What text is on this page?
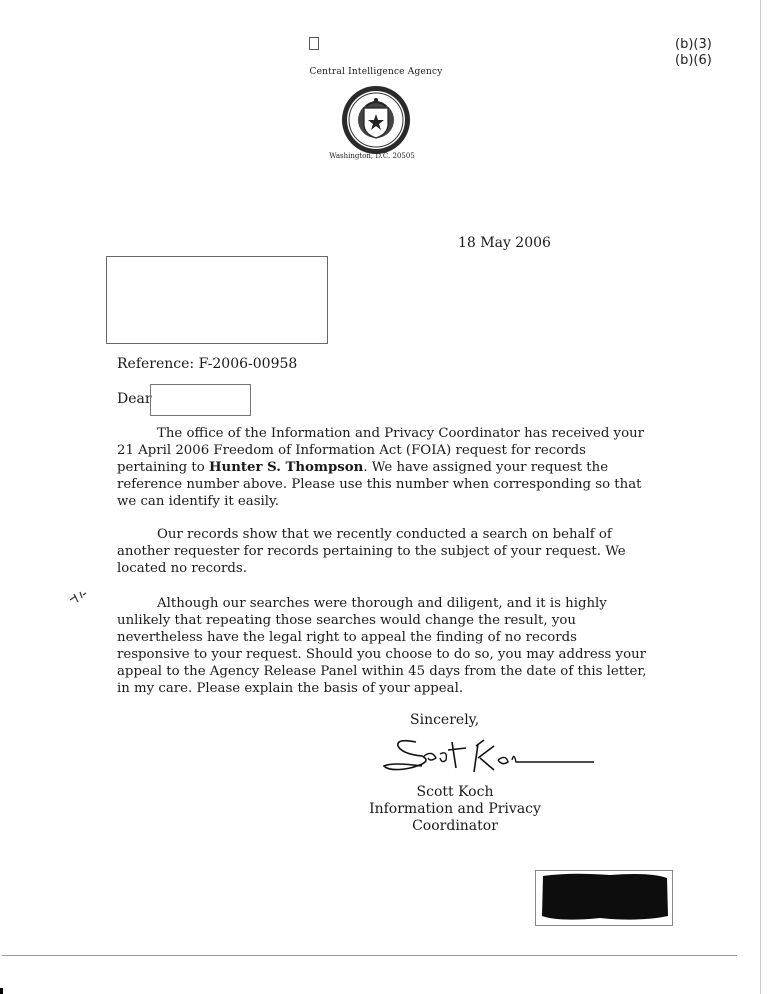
(b)(3)
(b)(6)
Central Intelligence Agency
Washington, D.C. 20505
18 May 2006
Reference: F-2006-00958
Dear

The office of the Information and Privacy Coordinator has received your 21 April 2006 Freedom of Information Act (FOIA) request for records pertaining to Hunter S. Thompson. We have assigned your request the reference number above. Please use this number when corresponding so that we can identify it easily.

Our records show that we recently conducted a search on behalf of another requester for records pertaining to the subject of your request. We located no records.

Although our searches were thorough and diligent, and it is highly unlikely that repeating those searches would change the result, you nevertheless have the legal right to appeal the finding of no records responsive to your request. Should you choose to do so, you may address your appeal to the Agency Release Panel within 45 days from the date of this letter, in my care. Please explain the basis of your appeal.

Sincerely,
Scott Koch
Information and Privacy Coordinator
